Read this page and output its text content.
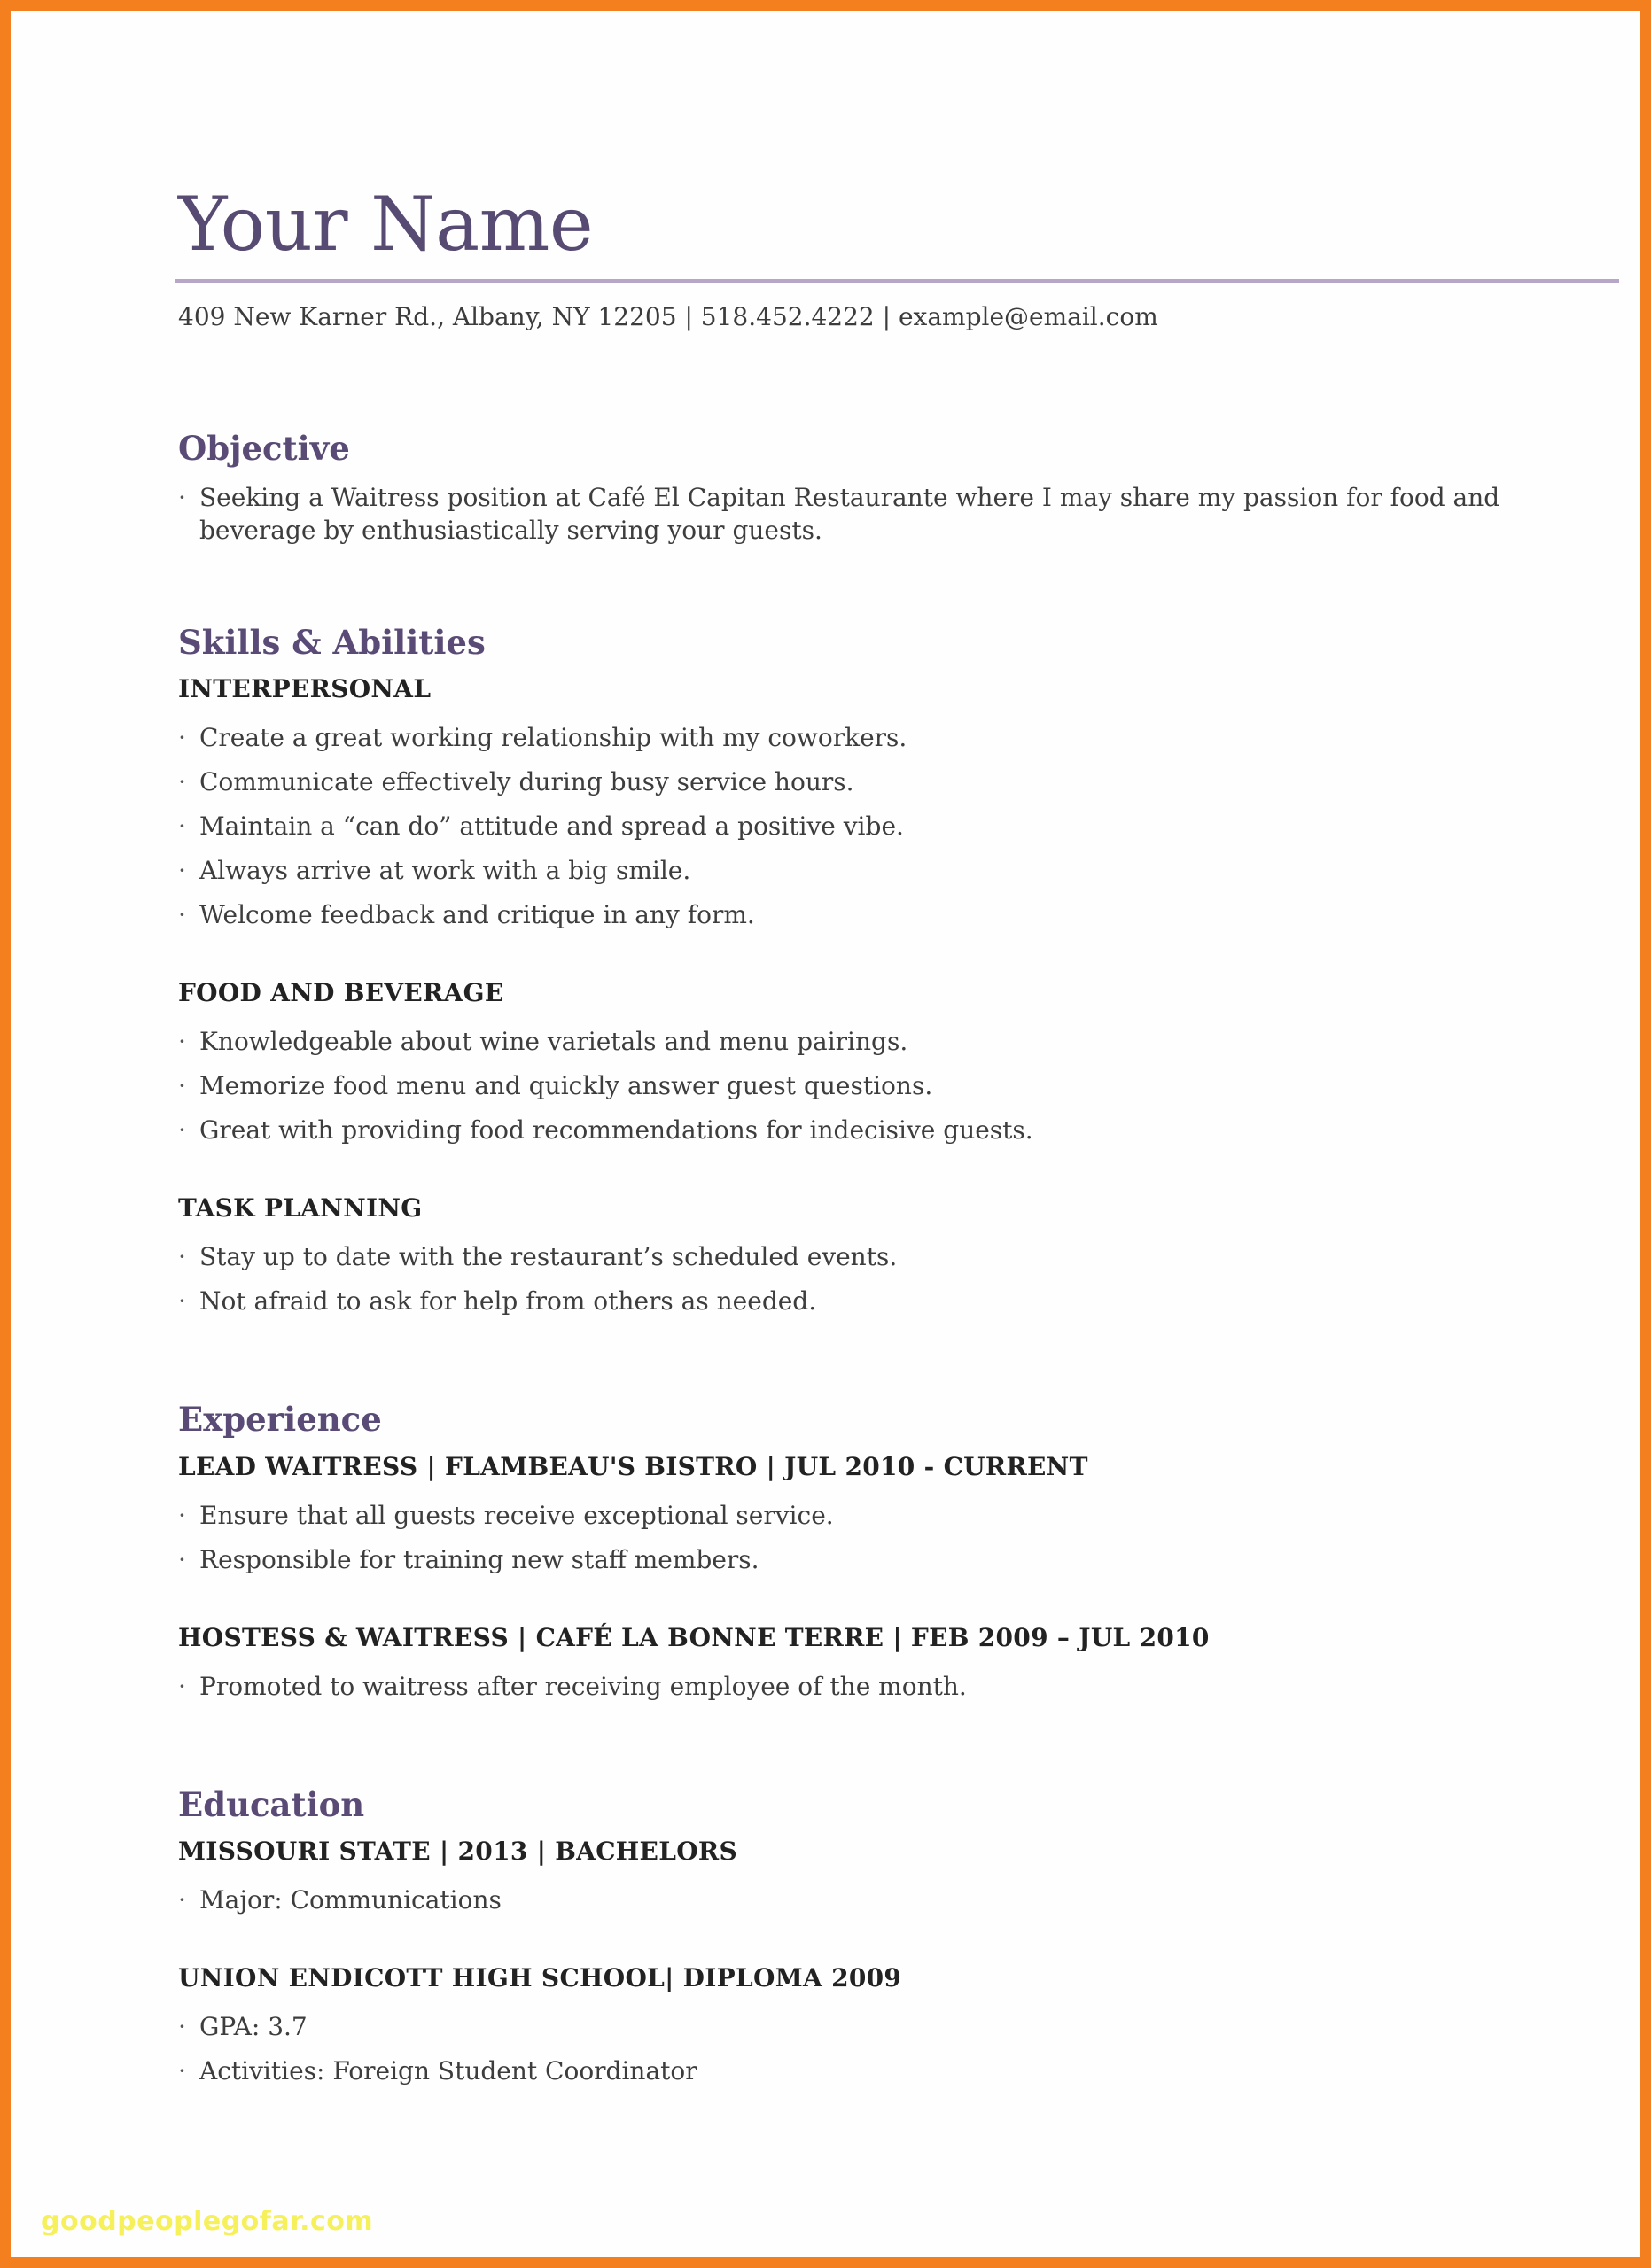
Your Name
409 New Karner Rd., Albany, NY 12205 | 518.452.4222 | example@email.com
Objective
· Seeking a Waitress position at Café El Capitan Restaurante where I may share my passion for food and beverage by enthusiastically serving your guests.
Skills & Abilities
INTERPERSONAL
· Create a great working relationship with my coworkers.
· Communicate effectively during busy service hours.
· Maintain a “can do” attitude and spread a positive vibe.
· Always arrive at work with a big smile.
· Welcome feedback and critique in any form.
FOOD AND BEVERAGE
· Knowledgeable about wine varietals and menu pairings.
· Memorize food menu and quickly answer guest questions.
· Great with providing food recommendations for indecisive guests.
TASK PLANNING
· Stay up to date with the restaurant’s scheduled events.
· Not afraid to ask for help from others as needed.
Experience
LEAD WAITRESS | FLAMBEAU'S BISTRO | JUL 2010 - CURRENT
· Ensure that all guests receive exceptional service.
· Responsible for training new staff members.
HOSTESS & WAITRESS | CAFÉ LA BONNE TERRE | FEB 2009 – JUL 2010
· Promoted to waitress after receiving employee of the month.
Education
MISSOURI STATE | 2013 | BACHELORS
· Major: Communications
UNION ENDICOTT HIGH SCHOOL| DIPLOMA 2009
· GPA: 3.7
· Activities: Foreign Student Coordinator
goodpeoplegofar.com
